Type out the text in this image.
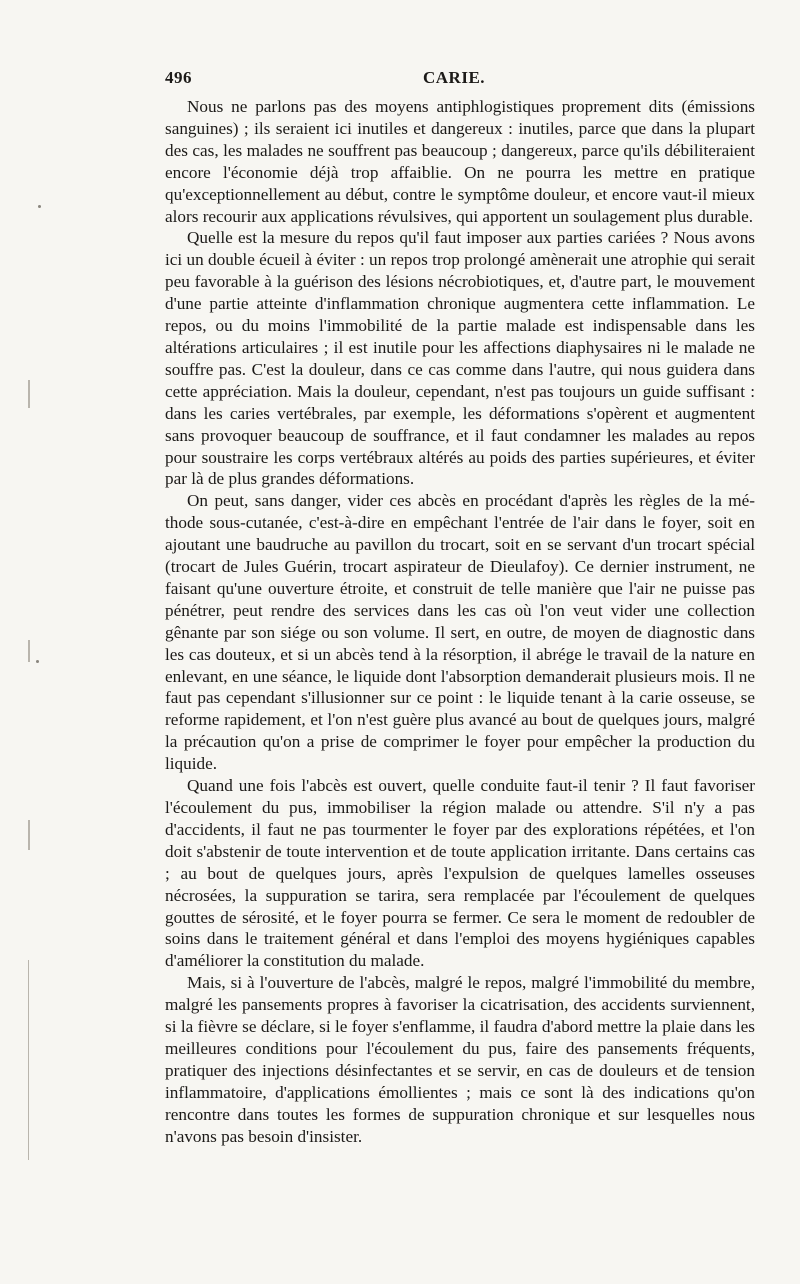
496	CARIE.

Nous ne parlons pas des moyens antiphlogistiques proprement dits (émissions sanguines) ; ils seraient ici inutiles et dangereux : inutiles, parce que dans la plupart des cas, les malades ne souffrent pas beaucoup ; dangereux, parce qu'ils débiliteraient encore l'économie déjà trop affaiblie. On ne pourra les mettre en pratique qu'exceptionnellement au début, contre le symptôme douleur, et encore vaut-il mieux alors recourir aux applications révulsives, qui apportent un soulagement plus durable.

Quelle est la mesure du repos qu'il faut imposer aux parties cariées ? Nous avons ici un double écueil à éviter : un repos trop prolongé amènerait une atrophie qui serait peu favorable à la guérison des lésions nécrobiotiques, et, d'autre part, le mouvement d'une partie atteinte d'inflammation chronique augmentera cette inflammation. Le repos, ou du moins l'immobilité de la partie malade est indispensable dans les altérations articulaires ; il est inutile pour les affections diaphysaires ni le malade ne souffre pas. C'est la douleur, dans ce cas comme dans l'autre, qui nous guidera dans cette appréciation. Mais la douleur, cependant, n'est pas toujours un guide suffisant : dans les caries vertébrales, par exemple, les déformations s'opèrent et augmentent sans provoquer beaucoup de souffrance, et il faut condamner les malades au repos pour soustraire les corps vertébraux altérés au poids des parties supérieures, et éviter par là de plus grandes déformations.

On peut, sans danger, vider ces abcès en procédant d'après les règles de la méthode sous-cutanée, c'est-à-dire en empêchant l'entrée de l'air dans le foyer, soit en ajoutant une baudruche au pavillon du trocart, soit en se servant d'un trocart spécial (trocart de Jules Guérin, trocart aspirateur de Dieulafoy). Ce dernier instrument, ne faisant qu'une ouverture étroite, et construit de telle manière que l'air ne puisse pas pénétrer, peut rendre des services dans les cas où l'on veut vider une collection gênante par son siége ou son volume. Il sert, en outre, de moyen de diagnostic dans les cas douteux, et si un abcès tend à la résorption, il abrége le travail de la nature en enlevant, en une séance, le liquide dont l'absorption demanderait plusieurs mois. Il ne faut pas cependant s'illusionner sur ce point : le liquide tenant à la carie osseuse, se reforme rapidement, et l'on n'est guère plus avancé au bout de quelques jours, malgré la précaution qu'on a prise de comprimer le foyer pour empêcher la production du liquide.

Quand une fois l'abcès est ouvert, quelle conduite faut-il tenir ? Il faut favoriser l'écoulement du pus, immobiliser la région malade ou attendre. S'il n'y a pas d'accidents, il faut ne pas tourmenter le foyer par des explorations répétées, et l'on doit s'abstenir de toute intervention et de toute application irritante. Dans certains cas ; au bout de quelques jours, après l'expulsion de quelques lamelles osseuses nécrosées, la suppuration se tarira, sera remplacée par l'écoulement de quelques gouttes de sérosité, et le foyer pourra se fermer. Ce sera le moment de redoubler de soins dans le traitement général et dans l'emploi des moyens hygiéniques capables d'améliorer la constitution du malade.

Mais, si à l'ouverture de l'abcès, malgré le repos, malgré l'immobilité du membre, malgré les pansements propres à favoriser la cicatrisation, des accidents surviennent, si la fièvre se déclare, si le foyer s'enflamme, il faudra d'abord mettre la plaie dans les meilleures conditions pour l'écoulement du pus, faire des pansements fréquents, pratiquer des injections désinfectantes et se servir, en cas de douleurs et de tension inflammatoire, d'applications émollientes ; mais ce sont là des indications qu'on rencontre dans toutes les formes de suppuration chronique et sur lesquelles nous n'avons pas besoin d'insister.
